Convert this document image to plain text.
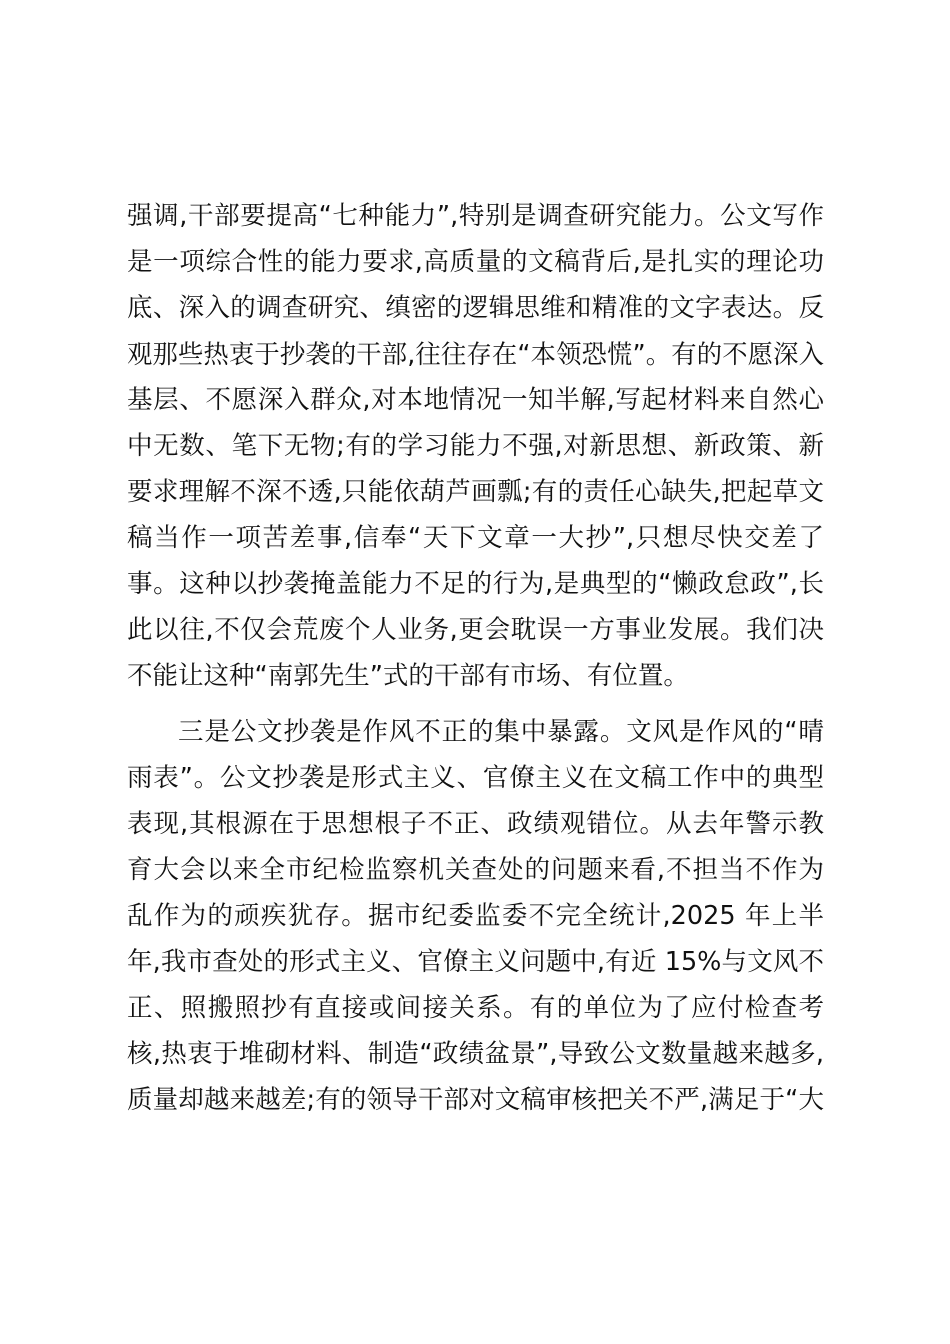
强调,干部要提高“七种能力”,特别是调查研究能力。公文写作
是一项综合性的能力要求,高质量的文稿背后,是扎实的理论功
底、深入的调查研究、缜密的逻辑思维和精准的文字表达。反
观那些热衷于抄袭的干部,往往存在“本领恐慌”。有的不愿深入
基层、不愿深入群众,对本地情况一知半解,写起材料来自然心
中无数、笔下无物;有的学习能力不强,对新思想、新政策、新
要求理解不深不透,只能依葫芦画瓢;有的责任心缺失,把起草文
稿当作一项苦差事,信奉“天下文章一大抄”,只想尽快交差了
事。这种以抄袭掩盖能力不足的行为,是典型的“懒政怠政”,长
此以往,不仅会荒废个人业务,更会耽误一方事业发展。我们决
不能让这种“南郭先生”式的干部有市场、有位置。
三是公文抄袭是作风不正的集中暴露。文风是作风的“晴
雨表”。公文抄袭是形式主义、官僚主义在文稿工作中的典型
表现,其根源在于思想根子不正、政绩观错位。从去年警示教
育大会以来全市纪检监察机关查处的问题来看,不担当不作为
乱作为的顽疾犹存。据市纪委监委不完全统计,2025 年上半
年,我市查处的形式主义、官僚主义问题中,有近 15%与文风不
正、照搬照抄有直接或间接关系。有的单位为了应付检查考
核,热衷于堆砌材料、制造“政绩盆景”,导致公文数量越来越多,
质量却越来越差;有的领导干部对文稿审核把关不严,满足于“大
